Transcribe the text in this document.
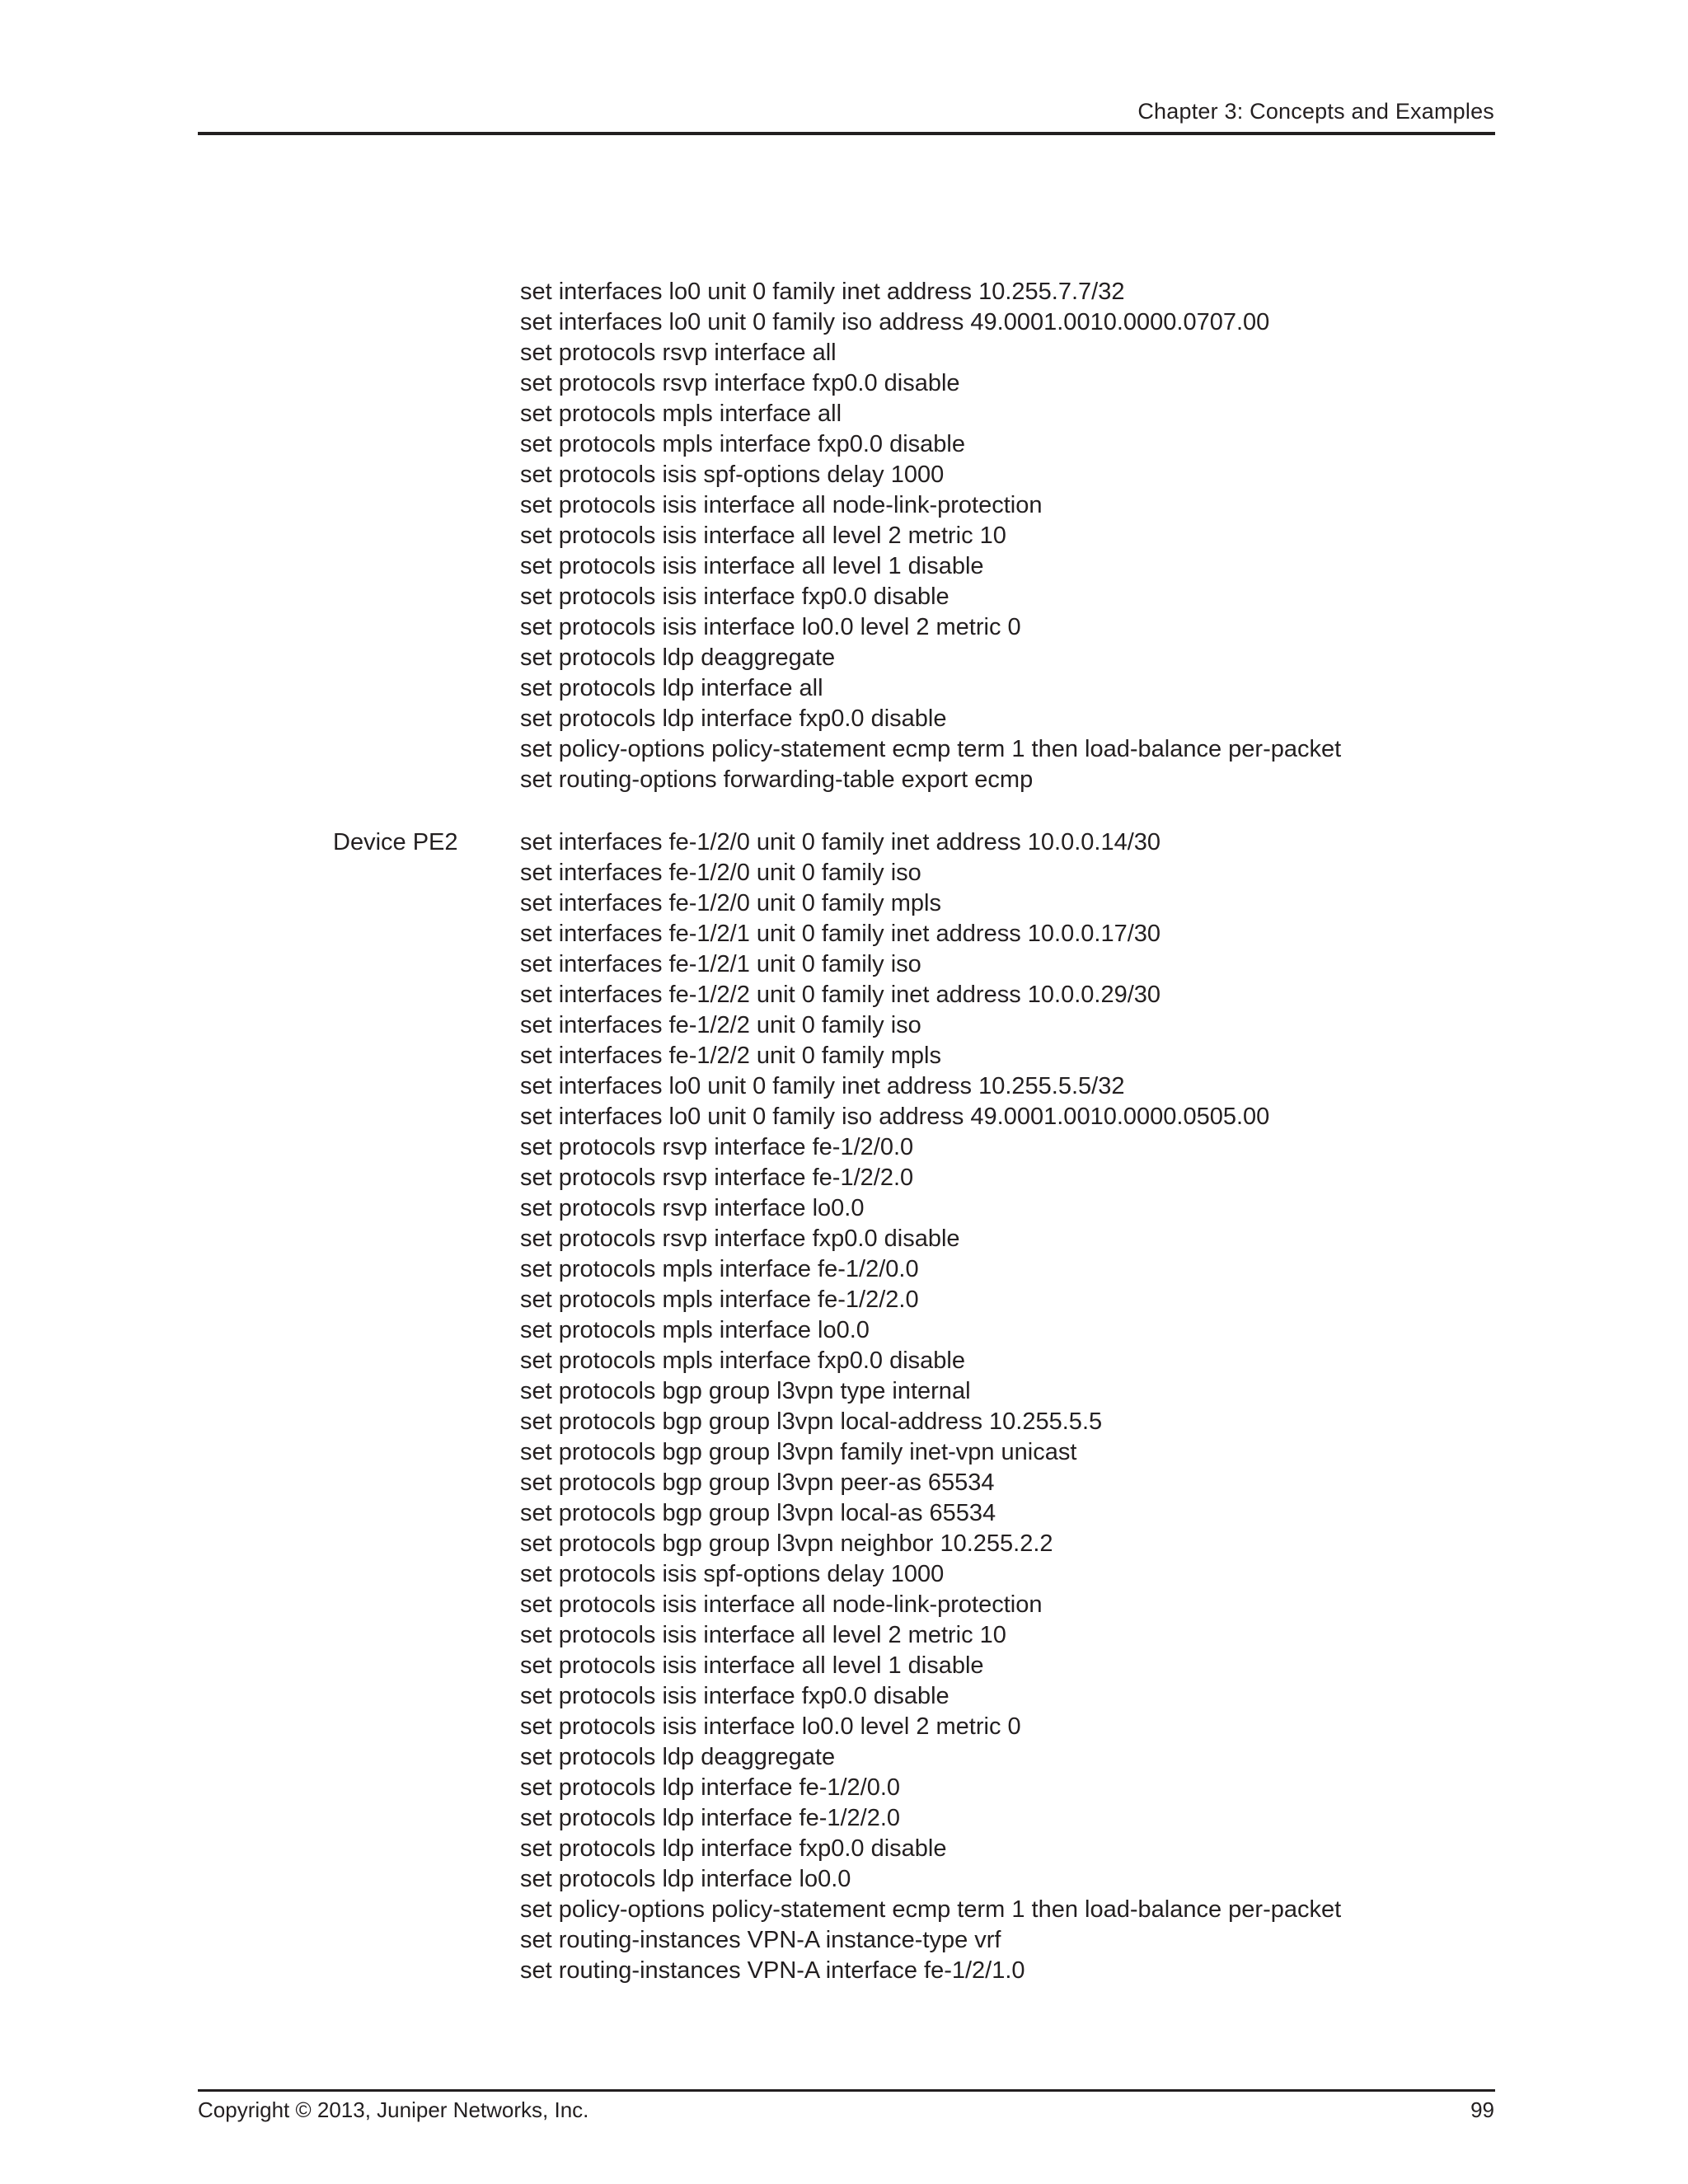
Chapter 3: Concepts and Examples
set interfaces lo0 unit 0 family inet address 10.255.7.7/32
set interfaces lo0 unit 0 family iso address 49.0001.0010.0000.0707.00
set protocols rsvp interface all
set protocols rsvp interface fxp0.0 disable
set protocols mpls interface all
set protocols mpls interface fxp0.0 disable
set protocols isis spf-options delay 1000
set protocols isis interface all node-link-protection
set protocols isis interface all level 2 metric 10
set protocols isis interface all level 1 disable
set protocols isis interface fxp0.0 disable
set protocols isis interface lo0.0 level 2 metric 0
set protocols ldp deaggregate
set protocols ldp interface all
set protocols ldp interface fxp0.0 disable
set policy-options policy-statement ecmp term 1 then load-balance per-packet
set routing-options forwarding-table export ecmp
Device PE2	set interfaces fe-1/2/0 unit 0 family inet address 10.0.0.14/30
set interfaces fe-1/2/0 unit 0 family iso
set interfaces fe-1/2/0 unit 0 family mpls
set interfaces fe-1/2/1 unit 0 family inet address 10.0.0.17/30
set interfaces fe-1/2/1 unit 0 family iso
set interfaces fe-1/2/2 unit 0 family inet address 10.0.0.29/30
set interfaces fe-1/2/2 unit 0 family iso
set interfaces fe-1/2/2 unit 0 family mpls
set interfaces lo0 unit 0 family inet address 10.255.5.5/32
set interfaces lo0 unit 0 family iso address 49.0001.0010.0000.0505.00
set protocols rsvp interface fe-1/2/0.0
set protocols rsvp interface fe-1/2/2.0
set protocols rsvp interface lo0.0
set protocols rsvp interface fxp0.0 disable
set protocols mpls interface fe-1/2/0.0
set protocols mpls interface fe-1/2/2.0
set protocols mpls interface lo0.0
set protocols mpls interface fxp0.0 disable
set protocols bgp group l3vpn type internal
set protocols bgp group l3vpn local-address 10.255.5.5
set protocols bgp group l3vpn family inet-vpn unicast
set protocols bgp group l3vpn peer-as 65534
set protocols bgp group l3vpn local-as 65534
set protocols bgp group l3vpn neighbor 10.255.2.2
set protocols isis spf-options delay 1000
set protocols isis interface all node-link-protection
set protocols isis interface all level 2 metric 10
set protocols isis interface all level 1 disable
set protocols isis interface fxp0.0 disable
set protocols isis interface lo0.0 level 2 metric 0
set protocols ldp deaggregate
set protocols ldp interface fe-1/2/0.0
set protocols ldp interface fe-1/2/2.0
set protocols ldp interface fxp0.0 disable
set protocols ldp interface lo0.0
set policy-options policy-statement ecmp term 1 then load-balance per-packet
set routing-instances VPN-A instance-type vrf
set routing-instances VPN-A interface fe-1/2/1.0
Copyright © 2013, Juniper Networks, Inc.	99
